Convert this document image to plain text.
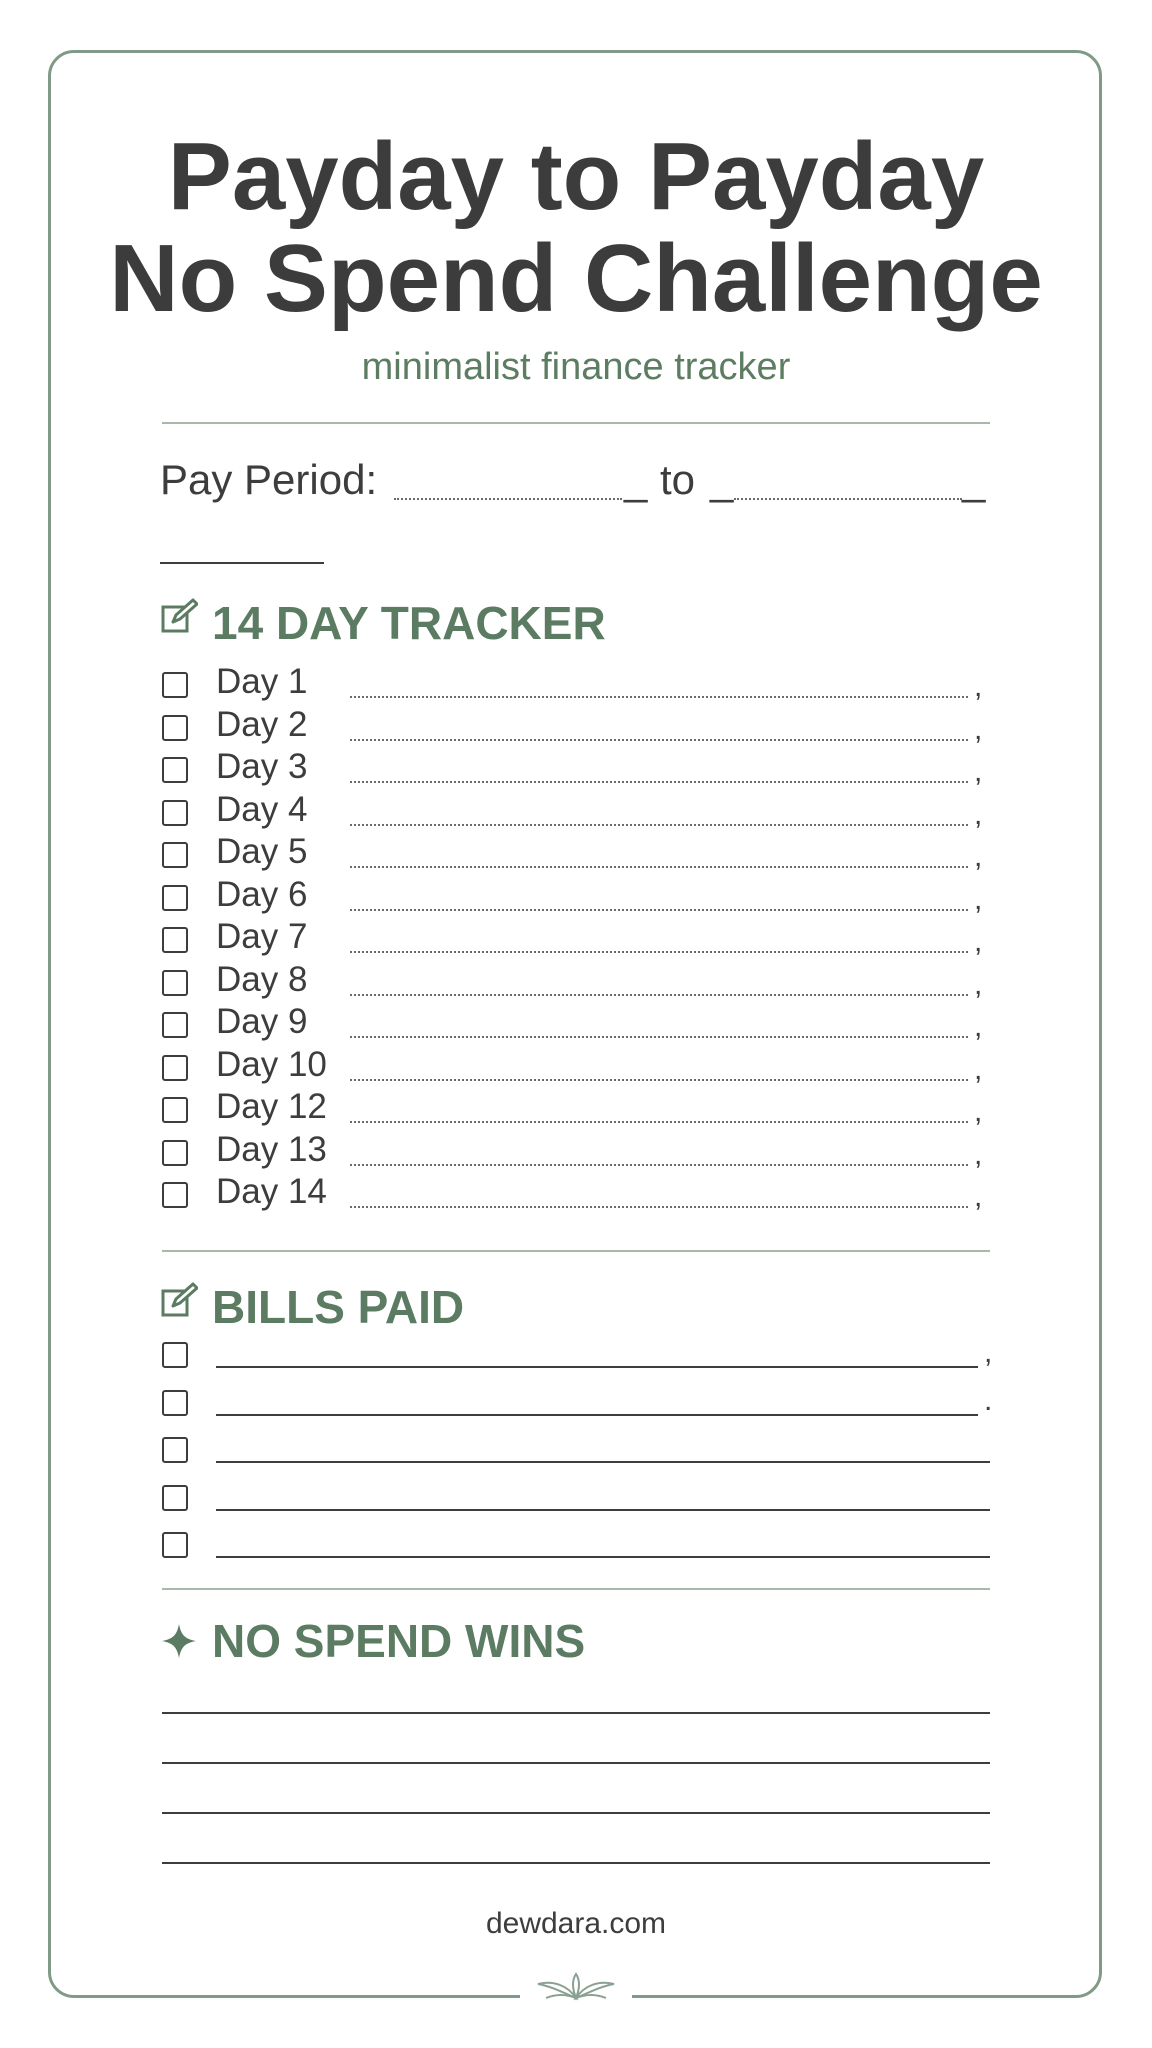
Payday to Payday
No Spend Challenge
minimalist finance tracker
Pay Period:	_ to _	_
14 DAY TRACKER
Day 1	,
Day 2	,
Day 3	,
Day 4	,
Day 5	,
Day 6	,
Day 7	,
Day 8	,
Day 9	,
Day 10	,
Day 12	,
Day 13	,
Day 14	,
BILLS PAID
,
.
NO SPEND WINS
dewdara.com
